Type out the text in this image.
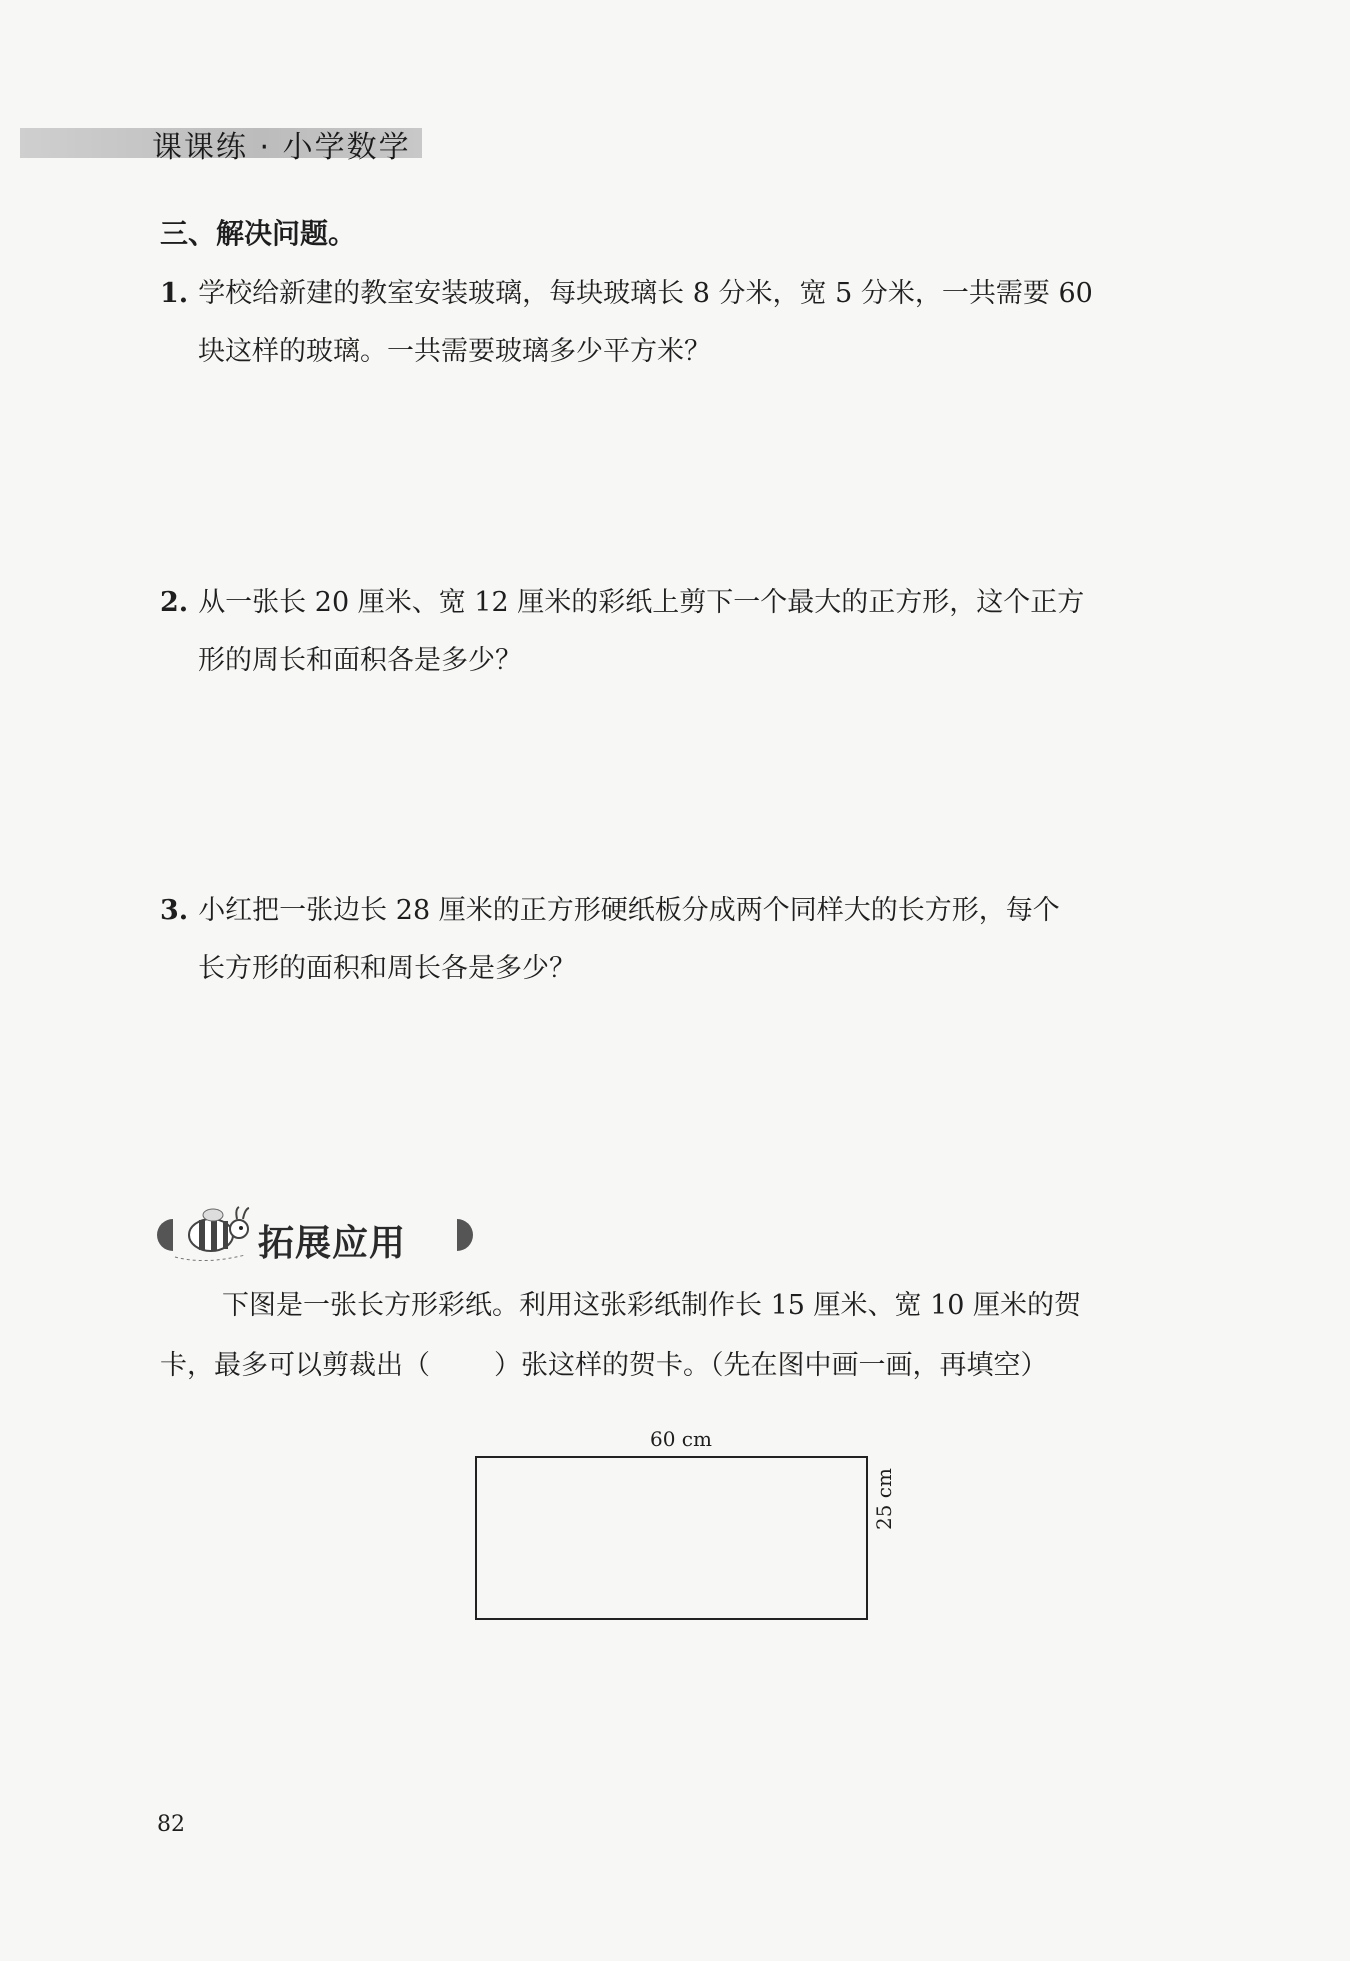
课课练 · 小学数学
三、解决问题。
1. 学校给新建的教室安装玻璃，每块玻璃长 8 分米，宽 5 分米，一共需要 60
块这样的玻璃。一共需要玻璃多少平方米？
2. 从一张长 20 厘米、宽 12 厘米的彩纸上剪下一个最大的正方形，这个正方
形的周长和面积各是多少？
3. 小红把一张边长 28 厘米的正方形硬纸板分成两个同样大的长方形，每个
长方形的面积和周长各是多少？
拓展应用
下图是一张长方形彩纸。利用这张彩纸制作长 15 厘米、宽 10 厘米的贺
卡，最多可以剪裁出（ ）张这样的贺卡。（先在图中画一画，再填空）
60 cm
25 cm
82
